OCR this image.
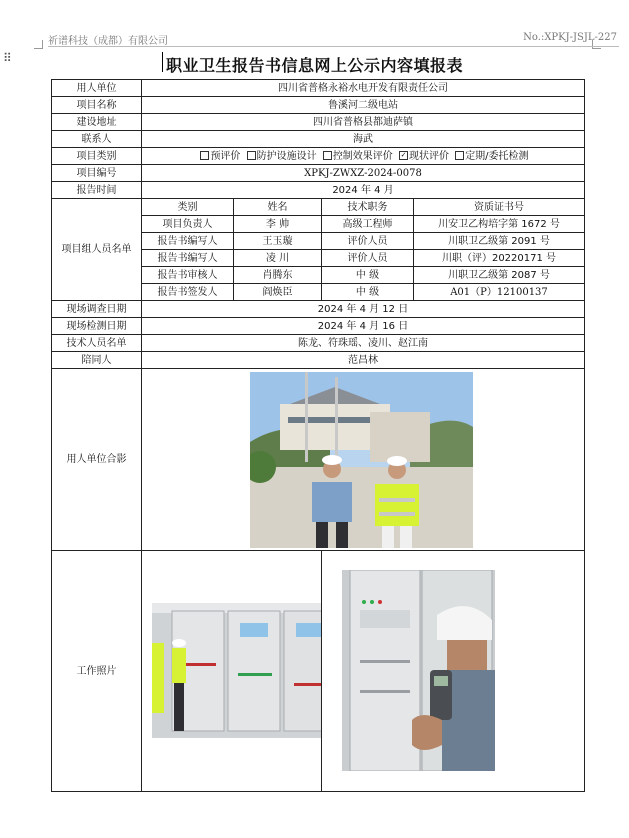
祈谱科技（成都）有限公司	No.:XPKJ-JSJL-227
⠿	职业卫生报告书信息网上公示内容填报表
用人单位	四川省普格永裕水电开发有限责任公司			
项目名称	鲁溪河二级电站			
建设地址	四川省普格县都迪萨镇			
联系人	海武			
项目类别	预评价 防护设施设计 控制效果评价 ✓ 现状评价 定期/委托检测			
项目编号	XPKJ-ZWXZ-2024-0078			
报告时间	2024 年 4 月			
项目组人员名单	类别	姓名	技术职务	资质证书号
	项目负责人	李 帅	高级工程师	川安卫乙构培字第 1672 号
	报告书编写人	王玉璇	评价人员	川职卫乙级第 2091 号
	报告书编写人	凌 川	评价人员	川职（评）20220171 号
	报告书审核人	肖腾东	中 级	川职卫乙级第 2087 号
	报告书签发人	阎焕臣	中 级	A01（P）12100137
现场调查日期	2024 年 4 月 12 日			
现场检测日期	2024 年 4 月 16 日			
技术人员名单	陈龙、符珠瑶、凌川、赵江南			
陪同人	范昌林			
用人单位合影	

工作照片	
